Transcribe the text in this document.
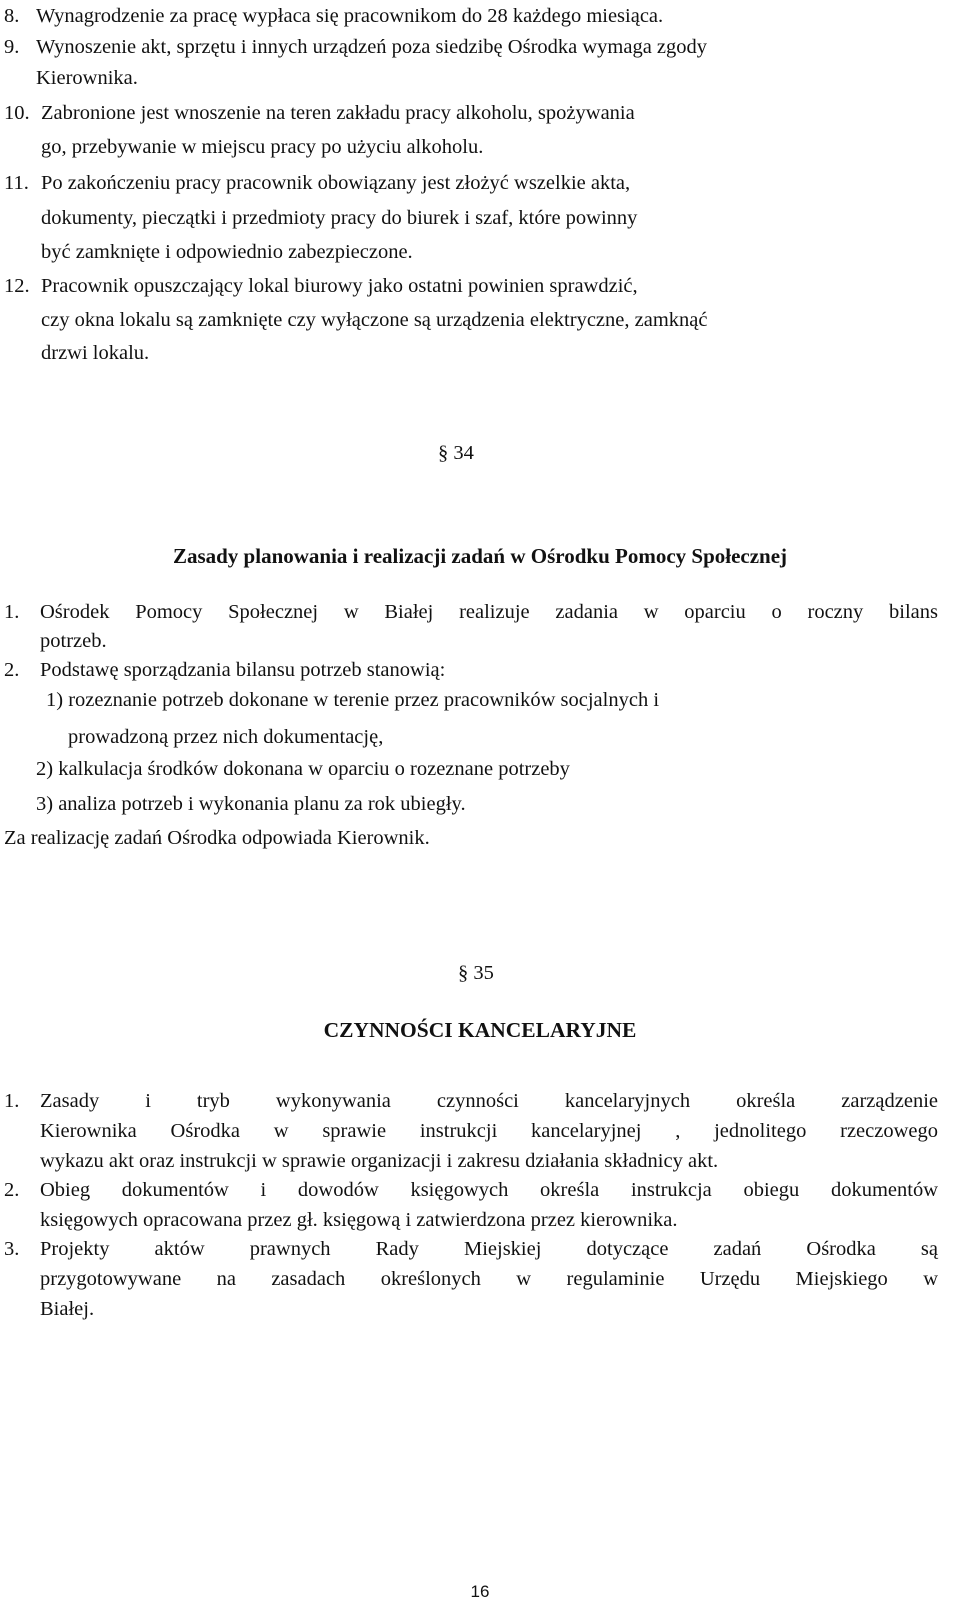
8. Wynagrodzenie za pracę wypłaca się pracownikom do 28 każdego miesiąca.
9. Wynoszenie akt, sprzętu i innych urządzeń poza siedzibę Ośrodka wymaga zgody
Kierownika.
10. Zabronione jest wnoszenie na teren zakładu pracy alkoholu, spożywania
go, przebywanie w miejscu pracy po użyciu alkoholu.
11. Po zakończeniu pracy pracownik obowiązany jest złożyć wszelkie akta,
dokumenty, pieczątki i przedmioty pracy do biurek i szaf, które powinny
być zamknięte i odpowiednio zabezpieczone.
12. Pracownik opuszczający lokal biurowy jako ostatni powinien sprawdzić,
czy okna lokalu są zamknięte czy wyłączone są urządzenia elektryczne, zamknąć
drzwi lokalu.
§ 34
Zasady planowania i realizacji zadań w Ośrodku Pomocy Społecznej
1. Ośrodek Pomocy Społecznej w Białej realizuje zadania w oparciu o roczny bilans
potrzeb.
2. Podstawę sporządzania bilansu potrzeb stanowią:
1) rozeznanie potrzeb dokonane w terenie przez pracowników socjalnych i
prowadzoną przez nich dokumentację,
2) kalkulacja środków dokonana w oparciu o rozeznane potrzeby
3) analiza potrzeb i wykonania planu za rok ubiegły.
Za realizację zadań Ośrodka odpowiada Kierownik.
§ 35
CZYNNOŚCI KANCELARYJNE
1. Zasady i tryb wykonywania czynności kancelaryjnych określa zarządzenie
Kierownika Ośrodka w sprawie instrukcji kancelaryjnej , jednolitego rzeczowego
wykazu akt oraz instrukcji w sprawie organizacji i zakresu działania składnicy akt.
2. Obieg dokumentów i dowodów księgowych określa instrukcja obiegu dokumentów
księgowych opracowana przez gł. księgową i zatwierdzona przez kierownika.
3. Projekty aktów prawnych Rady Miejskiej dotyczące zadań Ośrodka są
przygotowywane na zasadach określonych w regulaminie Urzędu Miejskiego w
Białej.
16
